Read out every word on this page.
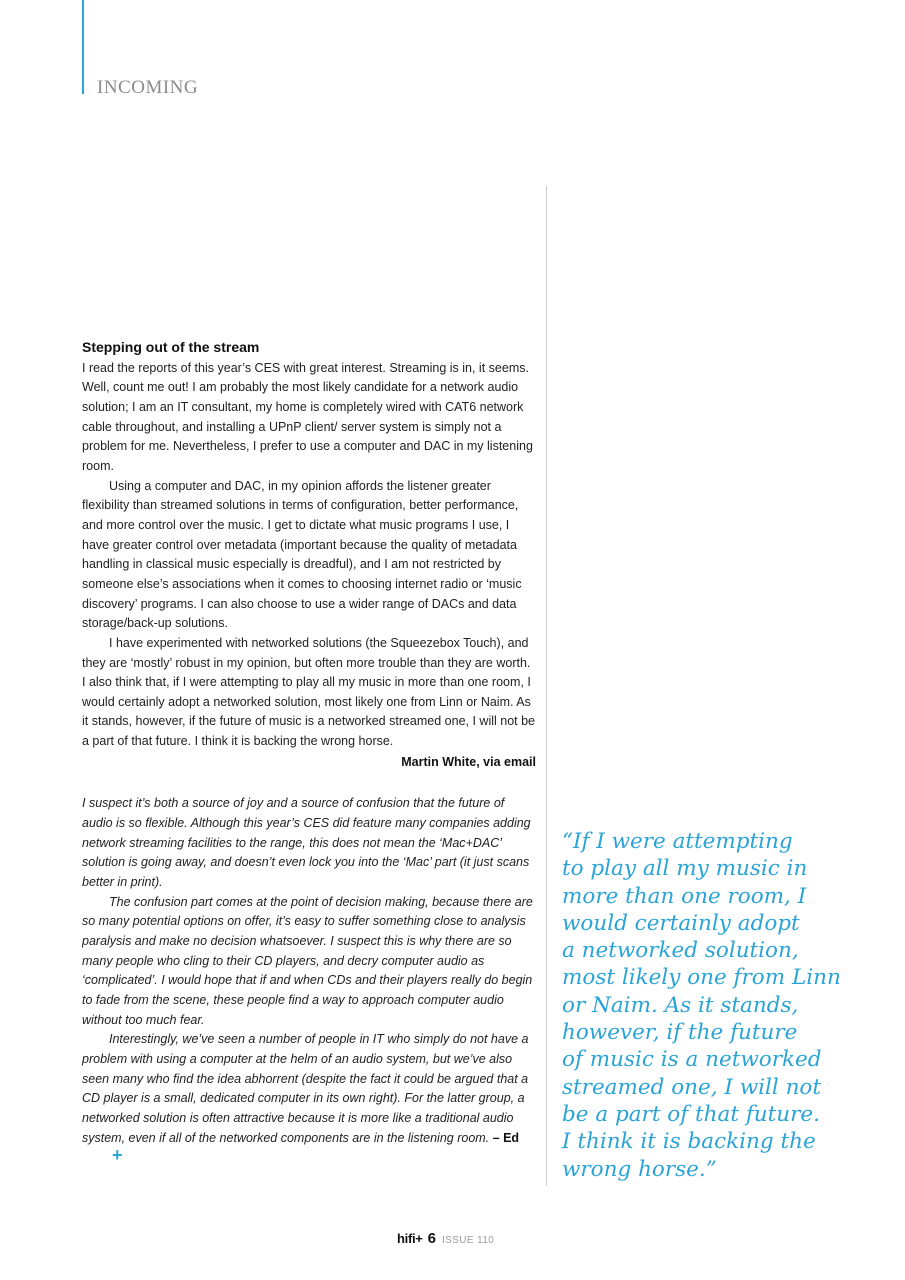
INCOMING
Stepping out of the stream

I read the reports of this year’s CES with great interest. Streaming is in, it seems. Well, count me out! I am probably the most likely candidate for a network audio solution; I am an IT consultant, my home is completely wired with CAT6 network cable throughout, and installing a UPnP client/ server system is simply not a problem for me. Nevertheless, I prefer to use a computer and DAC in my listening room.

Using a computer and DAC, in my opinion affords the listener greater flexibility than streamed solutions in terms of configuration, better performance, and more control over the music. I get to dictate what music programs I use, I have greater control over metadata (important because the quality of metadata handling in classical music especially is dreadful), and I am not restricted by someone else’s associations when it comes to choosing internet radio or ‘music discovery’ programs. I can also choose to use a wider range of DACs and data storage/back-up solutions.

I have experimented with networked solutions (the Squeezebox Touch), and they are ‘mostly’ robust in my opinion, but often more trouble than they are worth. I also think that, if I were attempting to play all my music in more than one room, I would certainly adopt a networked solution, most likely one from Linn or Naim. As it stands, however, if the future of music is a networked streamed one, I will not be a part of that future. I think it is backing the wrong horse.

Martin White, via email

I suspect it’s both a source of joy and a source of confusion that the future of audio is so flexible. Although this year’s CES did feature many companies adding network streaming facilities to the range, this does not mean the ‘Mac+DAC’ solution is going away, and doesn’t even lock you into the ‘Mac’ part (it just scans better in print).

The confusion part comes at the point of decision making, because there are so many potential options on offer, it’s easy to suffer something close to analysis paralysis and make no decision whatsoever. I suspect this is why there are so many people who cling to their CD players, and decry computer audio as ‘complicated’. I would hope that if and when CDs and their players really do begin to fade from the scene, these people find a way to approach computer audio without too much fear.

Interestingly, we’ve seen a number of people in IT who simply do not have a problem with using a computer at the helm of an audio system, but we’ve also seen many who find the idea abhorrent (despite the fact it could be argued that a CD player is a small, dedicated computer in its own right). For the latter group, a networked solution is often attractive because it is more like a traditional audio system, even if all of the networked components are in the listening room. – Ed+

“If I were attempting
to play all my music in
more than one room, I
would certainly adopt
a networked solution,
most likely one from Linn
or Naim. As it stands,
however, if the future
of music is a networked
streamed one, I will not
be a part of that future.
I think it is backing the
wrong horse.”
hifi+ 6 ISSUE 110
